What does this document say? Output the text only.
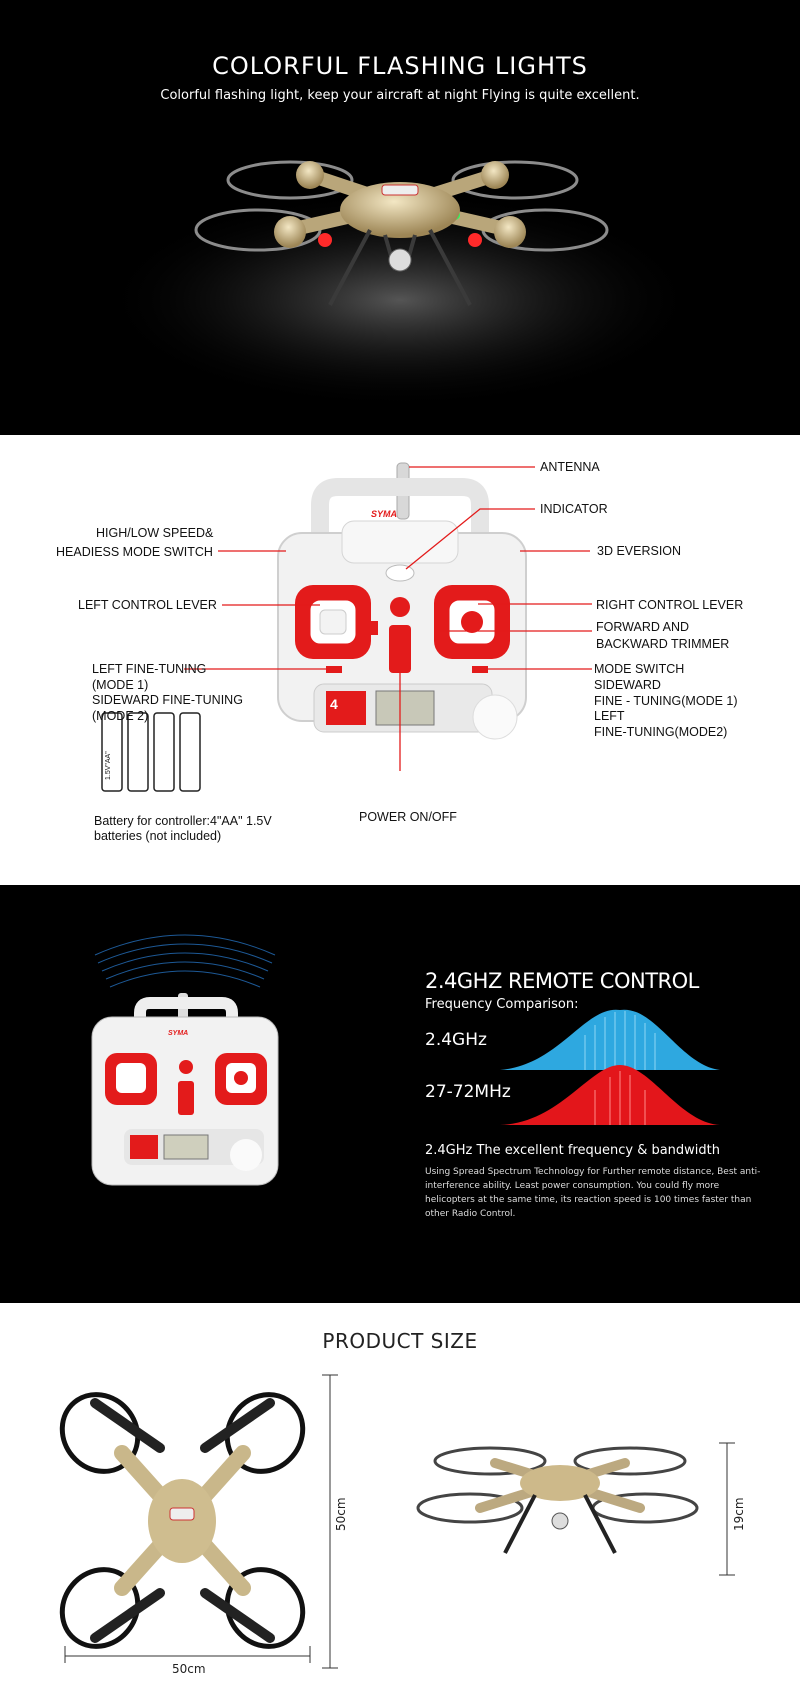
COLORFUL FLASHING LIGHTS
Colorful flashing light, keep your aircraft at night Flying is quite excellent.
SYMA
4
ANTENNA
INDICATOR
HIGH/LOW SPEED&
HEADIESS MODE SWITCH	3D EVERSION
LEFT CONTROL LEVER	RIGHT CONTROL LEVER
FORWARD AND
BACKWARD TRIMMER
LEFT FINE-TUNING
(MODE 1)
SIDEWARD FINE-TUNING
(MODE 2)
MODE SWITCH
SIDEWARD
FINE - TUNING(MODE 1)
LEFT
FINE-TUNING(MODE2)
POWER ON/OFF
Battery for controller:4"AA" 1.5V
batteries (not included)
1.5V"AA"
SYMA
2.4GHZ REMOTE CONTROL
Frequency Comparison:
2.4GHz
27-72MHz
2.4GHz The excellent frequency & bandwidth
Using Spread Spectrum Technology for Further remote distance, Best anti-interference ability. Least power consumption. You could fly more helicopters at the same time, its reaction speed is 100 times faster than other Radio Control.
PRODUCT SIZE
50cm
50cm
19cm
